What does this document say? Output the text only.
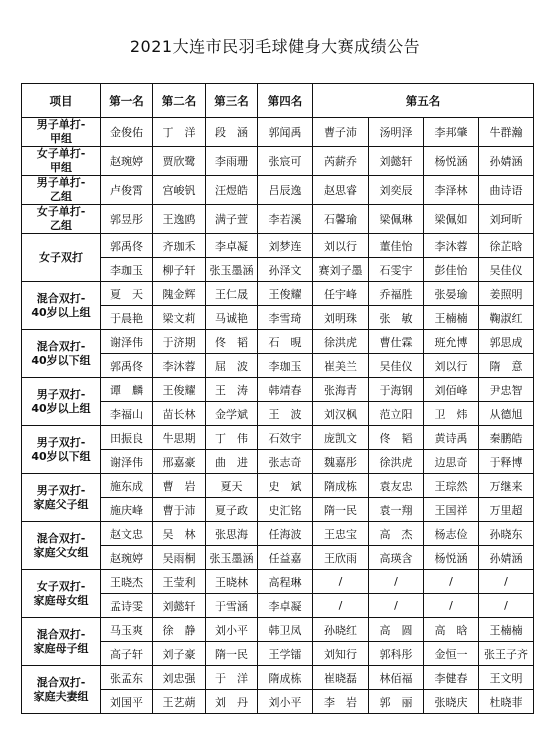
2021大连市民羽毛球健身大赛成绩公告
项目	第一名	第二名	第三名	第四名	第五名			

男子单打-
甲组	金俊佑	丁　洋	段　涵	郭闻禹	曹子沛	汤明泽	李邦肇	牛群瀚

女子单打-
甲组	赵琬婷	贾欣鹭	李雨珊	张宸可	芮薪乔	刘懿轩	杨悦涵	孙婧涵

男子单打-
乙组	卢俊霄	宫峻钒	汪煜皓	吕辰逸	赵思睿	刘奕辰	李泽林	曲诗语

女子单打-
乙组	郭昱彤	王逸鸥	满子萱	李若溪	石馨瑜	梁佩琳	梁佩如	刘珂昕

女子双打	郭禹佟	齐珈禾	李卓凝	刘梦连	刘以行	董佳怡	李沐蓉	徐芷晗
	李珈玉	柳子轩	张玉墨涵	孙泽文	赛刘子墨	石雯宇	彭佳怡	吴佳仪

混合双打-
40岁以上组	夏　天	隗金辉	王仁晟	王俊耀	任宇峰	乔福胜	张晏瑜	姜照明
	于晨艳	梁文莉	马诚艳	李雪琦	刘明珠	张　敏	王楠楠	鞠淑红

混合双打-
40岁以下组	谢泽伟	于济期	佟　韬	石　晛	徐洪虎	曹仕霖	班允博	郭思成
	郭禹佟	李沐蓉	屈　波	李珈玉	崔美兰	吴佳仪	刘以行	隋　意

男子双打-
40岁以上组	谭　麟	王俊耀	王　涛	韩靖春	张海青	于海钢	刘佰峰	尹忠智
	李福山	苗长林	金学斌	王　波	刘汉枫	范立阳	卫　炜	从德旭

男子双打-
40岁以下组	田振良	牛思期	丁　伟	石效宇	庞凯文	佟　韬	黄诗禹	秦鹏皓
	谢泽伟	邢嘉豪	曲　进	张志奇	魏嘉彤	徐洪虎	边思奇	于释博

男子双打-
家庭父子组	施东成	曹　岩	夏天	史　斌	隋成栋	袁友忠	王琮然	万继来
	施庆峰	曹于沛	夏子政	史汇铭	隋一民	袁一翔	王国祥	万里超

混合双打-
家庭父女组	赵文忠	吴　林	张思海	任海波	王忠宝	高　杰	杨志俭	孙晓东
	赵琬婷	吴雨桐	张玉墨涵	任益嘉	王欣雨	高瑛含	杨悦涵	孙婧涵

女子双打-
家庭母女组	王晓杰	王莹利	王晓林	高程琳	/	/	/	/
	孟诗雯	刘懿轩	于雪涵	李卓凝	/	/	/	/

混合双打-
家庭母子组	马玉爽	徐　静	刘小平	韩卫凤	孙晓红	高　圆	高　晗	王楠楠
	高子轩	刘子豪	隋一民	王学镭	刘知行	郭科彤	金恒一	张王子齐

混合双打-
家庭夫妻组	张孟东	刘忠强	于　洋	隋成栋	崔晓磊	林佰福	李健春	王文明
	刘国平	王艺蒴	刘　丹	刘小平	李　岩	郭　丽	张晓庆	杜晓菲
